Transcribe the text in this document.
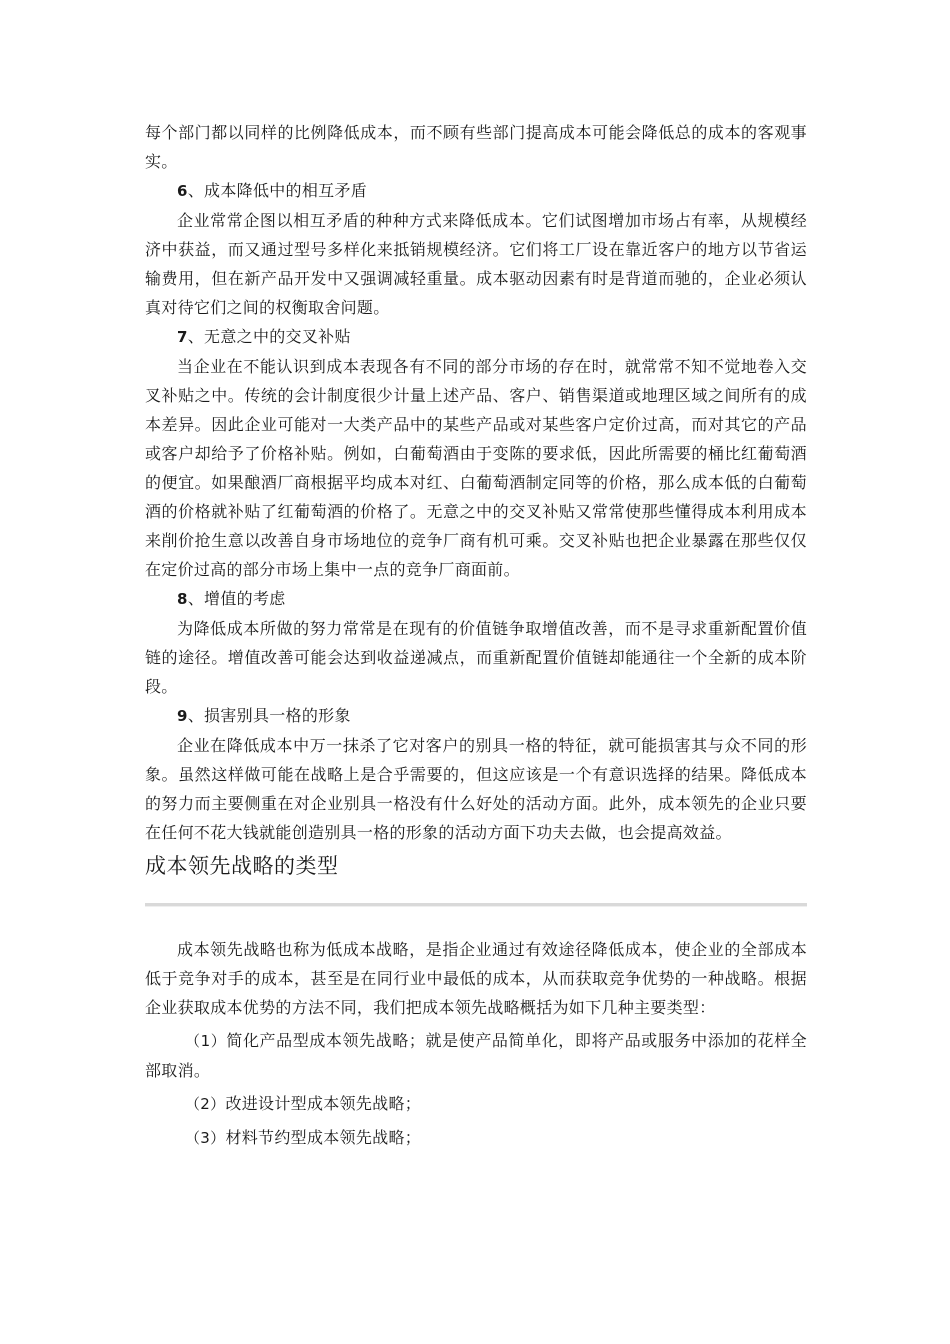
每个部门都以同样的比例降低成本，而不顾有些部门提高成本可能会降低总的成本的客观事实。

6、成本降低中的相互矛盾

企业常常企图以相互矛盾的种种方式来降低成本。它们试图增加市场占有率，从规模经济中获益，而又通过型号多样化来抵销规模经济。它们将工厂设在靠近客户的地方以节省运输费用，但在新产品开发中又强调减轻重量。成本驱动因素有时是背道而驰的，企业必须认真对待它们之间的权衡取舍问题。

7、无意之中的交叉补贴

当企业在不能认识到成本表现各有不同的部分市场的存在时，就常常不知不觉地卷入交叉补贴之中。传统的会计制度很少计量上述产品、客户、销售渠道或地理区域之间所有的成本差异。因此企业可能对一大类产品中的某些产品或对某些客户定价过高，而对其它的产品或客户却给予了价格补贴。例如，白葡萄酒由于变陈的要求低，因此所需要的桶比红葡萄酒的便宜。如果酿酒厂商根据平均成本对红、白葡萄酒制定同等的价格，那么成本低的白葡萄酒的价格就补贴了红葡萄酒的价格了。无意之中的交叉补贴又常常使那些懂得成本利用成本来削价抢生意以改善自身市场地位的竞争厂商有机可乘。交叉补贴也把企业暴露在那些仅仅在定价过高的部分市场上集中一点的竞争厂商面前。

8、增值的考虑

为降低成本所做的努力常常是在现有的价值链争取增值改善，而不是寻求重新配置价值链的途径。增值改善可能会达到收益递减点，而重新配置价值链却能通往一个全新的成本阶段。

9、损害别具一格的形象

企业在降低成本中万一抹杀了它对客户的别具一格的特征，就可能损害其与众不同的形象。虽然这样做可能在战略上是合乎需要的，但这应该是一个有意识选择的结果。降低成本的努力而主要侧重在对企业别具一格没有什么好处的活动方面。此外，成本领先的企业只要在任何不花大钱就能创造别具一格的形象的活动方面下功夫去做，也会提高效益。

成本领先战略的类型

成本领先战略也称为低成本战略，是指企业通过有效途径降低成本，使企业的全部成本低于竞争对手的成本，甚至是在同行业中最低的成本，从而获取竞争优势的一种战略。根据企业获取成本优势的方法不同，我们把成本领先战略概括为如下几种主要类型：

（1）简化产品型成本领先战略；就是使产品简单化，即将产品或服务中添加的花样全部取消。

（2）改进设计型成本领先战略；

（3）材料节约型成本领先战略；
